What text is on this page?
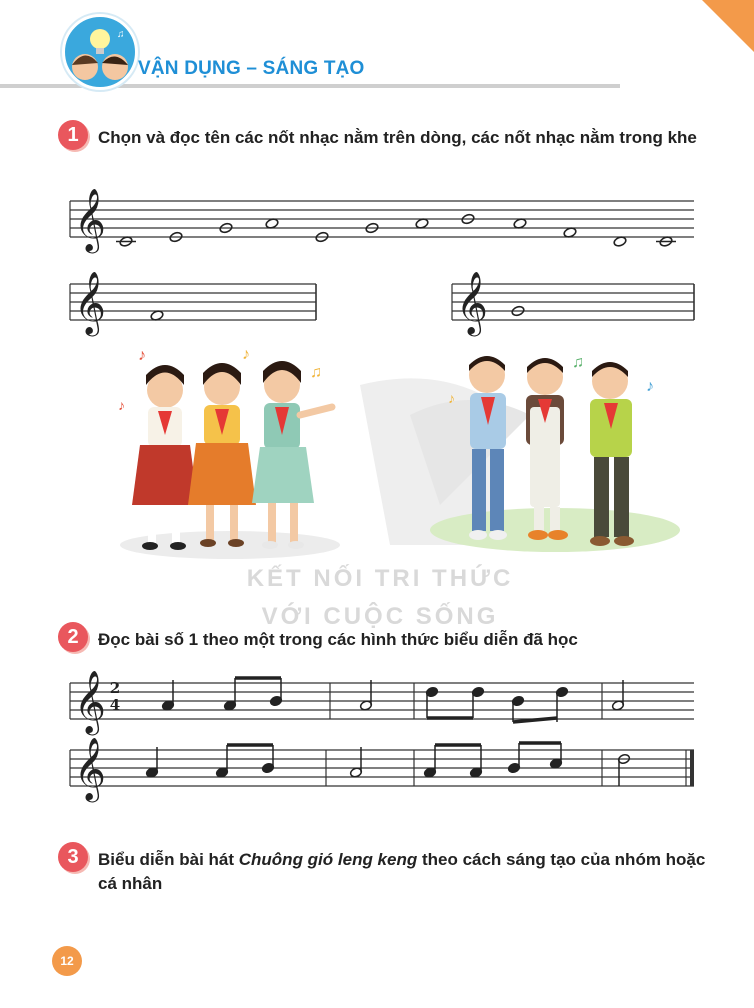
♫
VẬN DỤNG – SÁNG TẠO
1	Chọn và đọc tên các nốt nhạc nằm trên dòng, các nốt nhạc nằm trong khe
𝄞
𝄞	𝄞
♪
♪
♪
♫
♫
♪
♪
KẾT NỐI TRI THỨC
VỚI CUỘC SỐNG
2	Đọc bài số 1 theo một trong các hình thức biểu diễn đã học
𝄞 2
4
𝄞
3	Biểu diễn bài hát Chuông gió leng keng theo cách sáng tạo của nhóm hoặc cá nhân
12
